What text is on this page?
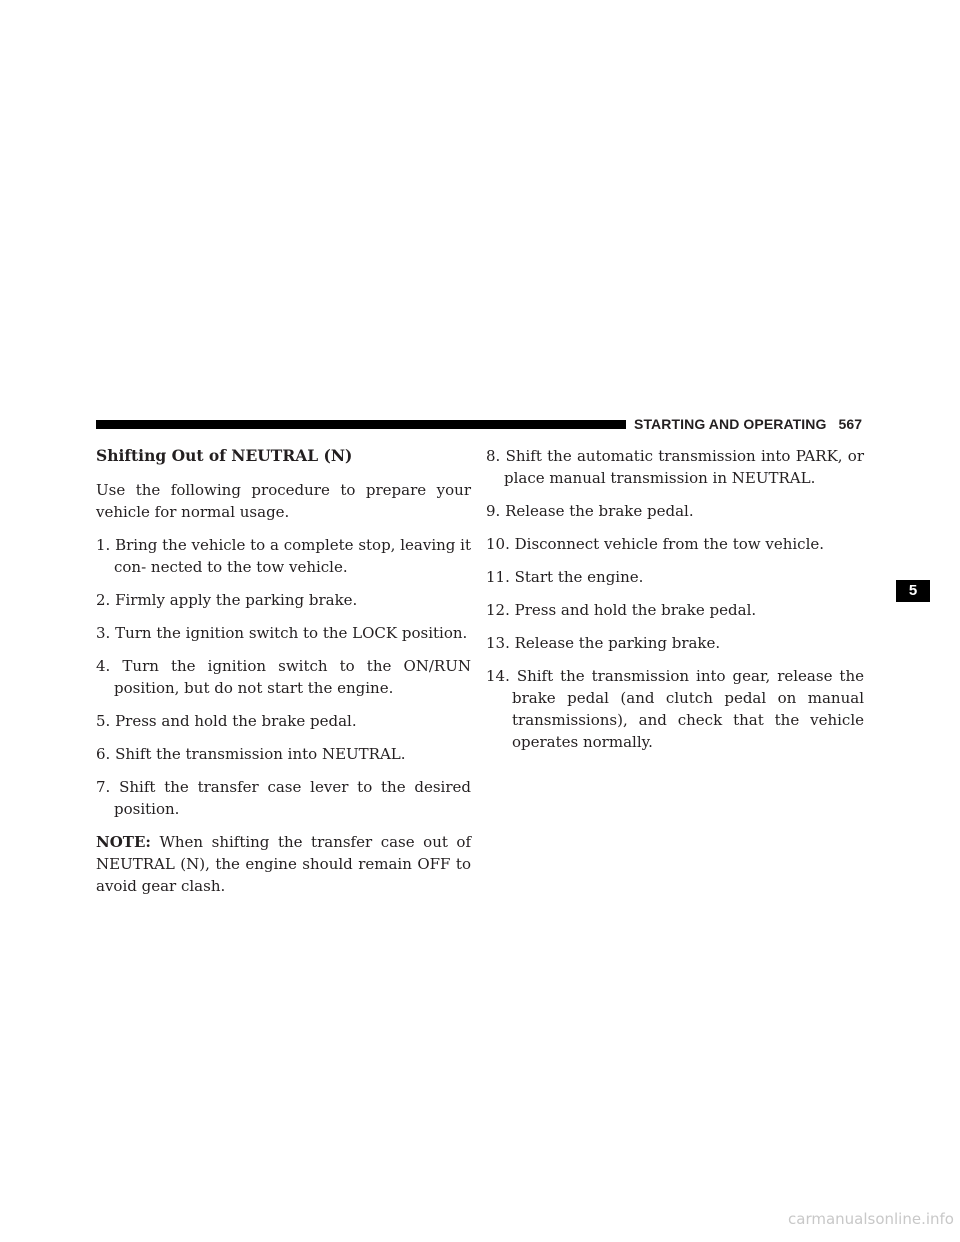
STARTING AND OPERATING 567
Shifting Out of NEUTRAL (N)

Use the following procedure to prepare your vehicle for normal usage.

1. Bring the vehicle to a complete stop, leaving it con- nected to the tow vehicle.

2. Firmly apply the parking brake.

3. Turn the ignition switch to the LOCK position.

4. Turn the ignition switch to the ON/RUN position, but do not start the engine.

5. Press and hold the brake pedal.

6. Shift the transmission into NEUTRAL.

7. Shift the transfer case lever to the desired position.

NOTE: When shifting the transfer case out of NEUTRAL (N), the engine should remain OFF to avoid gear clash.

8. Shift the automatic transmission into PARK, or place manual transmission in NEUTRAL.

9. Release the brake pedal.

10. Disconnect vehicle from the tow vehicle.

11. Start the engine.

12. Press and hold the brake pedal.

13. Release the parking brake.

14. Shift the transmission into gear, release the brake pedal (and clutch pedal on manual transmissions), and check that the vehicle operates normally.

5
carmanualsonline.info
